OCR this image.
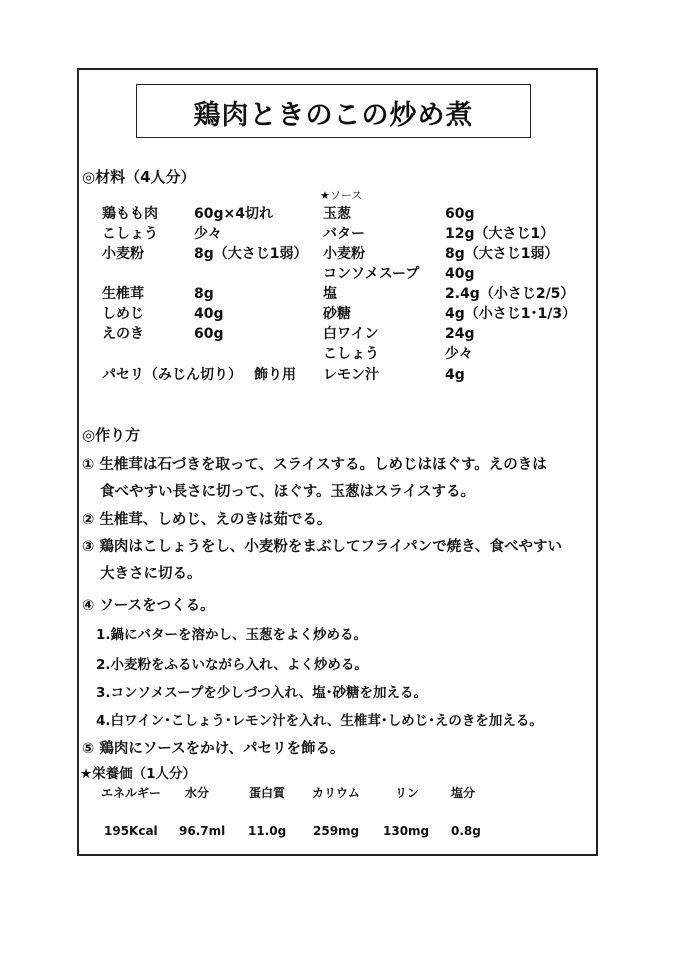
鶏肉ときのこの炒め煮
◎材料（4人分）
★ソース
鶏もも肉	60g×4切れ
こしょう	少々
小麦粉	8g（大さじ1弱）
生椎茸	8g
しめじ	40g
えのき	60g
パセリ（みじん切り） 飾り用
玉葱	60g
バター	12g（大さじ1）
小麦粉	8g（大さじ1弱）
コンソメスープ 40g
塩	2.4g（小さじ2/5）
砂糖	4g（小さじ1･1/3）
白ワイン	24g
こしょう	少々
レモン汁	4g
◎作り方
① 生椎茸は石づきを取って、スライスする。しめじはほぐす。えのきは
食べやすい長さに切って、ほぐす。玉葱はスライスする。
② 生椎茸、しめじ、えのきは茹でる。
③ 鶏肉はこしょうをし、小麦粉をまぶしてフライパンで焼き、食べやすい
大きさに切る。
④ ソースをつくる。
1.鍋にバターを溶かし、玉葱をよく炒める。
2.小麦粉をふるいながら入れ、よく炒める。
3.コンソメスープを少しづつ入れ、塩･砂糖を加える。
4.白ワイン･こしょう･レモン汁を入れ、生椎茸･しめじ･えのきを加える。
⑤ 鶏肉にソースをかけ、パセリを飾る。
★栄養価（1人分）
エネルギー 水分	蛋白質 カリウム	リン	塩分
195Kcal 96.7ml 11.0g 259mg 130mg 0.8g
